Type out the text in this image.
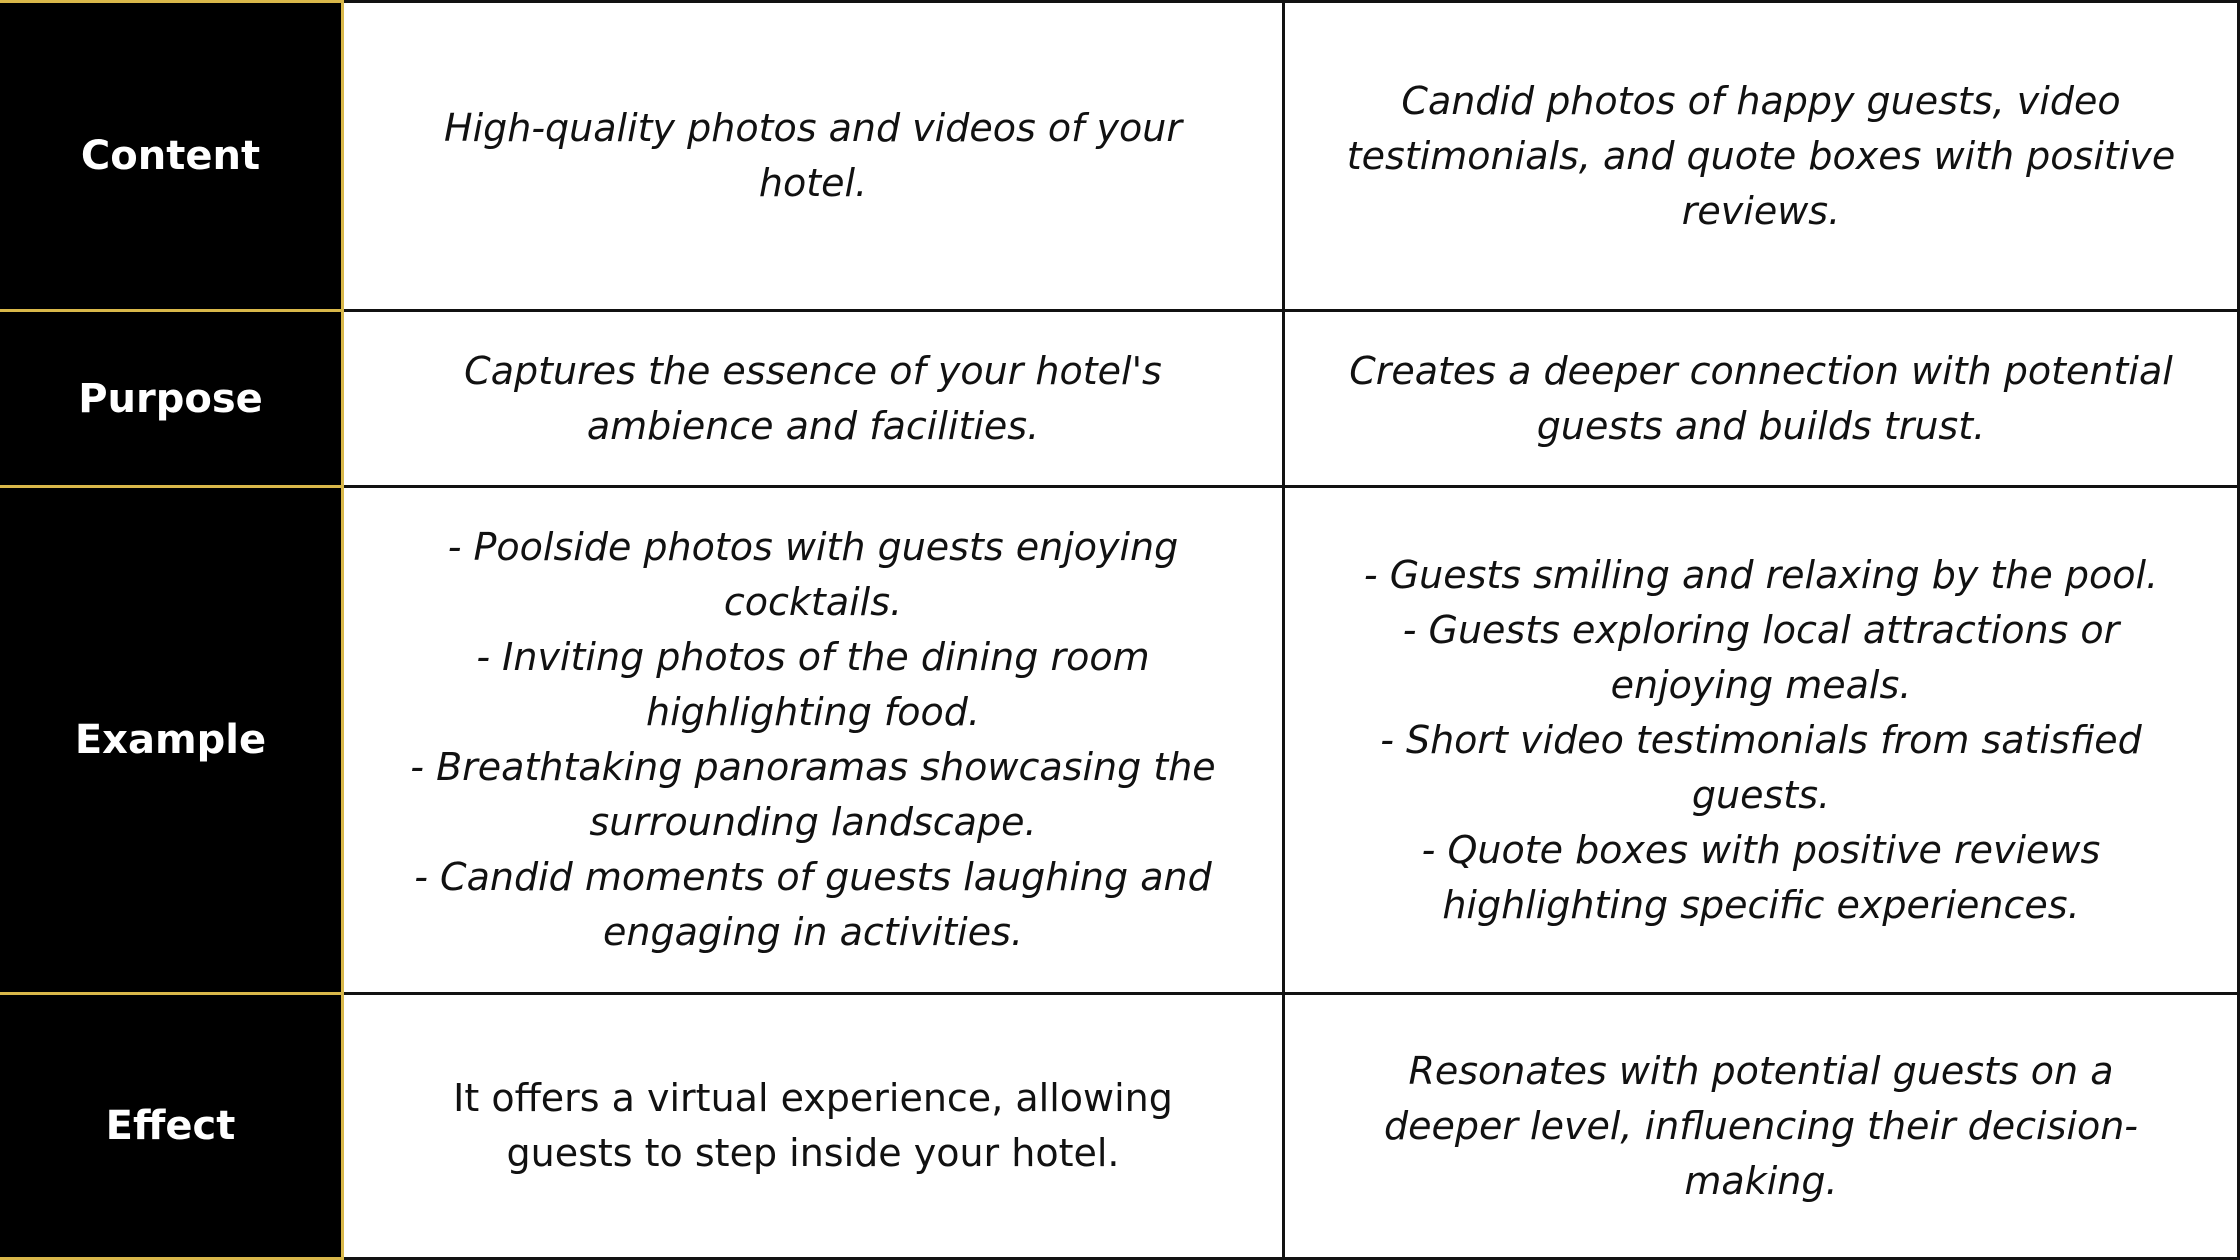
Content
High-quality photos and videos of your
hotel.
Candid photos of happy guests, video
testimonials, and quote boxes with positive
reviews.
Purpose
Captures the essence of your hotel's
ambience and facilities.
Creates a deeper connection with potential
guests and builds trust.
Example
- Poolside photos with guests enjoying
cocktails.
- Inviting photos of the dining room
highlighting food.
- Breathtaking panoramas showcasing the
surrounding landscape.
- Candid moments of guests laughing and
engaging in activities.
- Guests smiling and relaxing by the pool.
- Guests exploring local attractions or
enjoying meals.
- Short video testimonials from satisfied
guests.
- Quote boxes with positive reviews
highlighting specific experiences.
Effect
It offers a virtual experience, allowing
guests to step inside your hotel.
Resonates with potential guests on a
deeper level, influencing their decision-
making.
